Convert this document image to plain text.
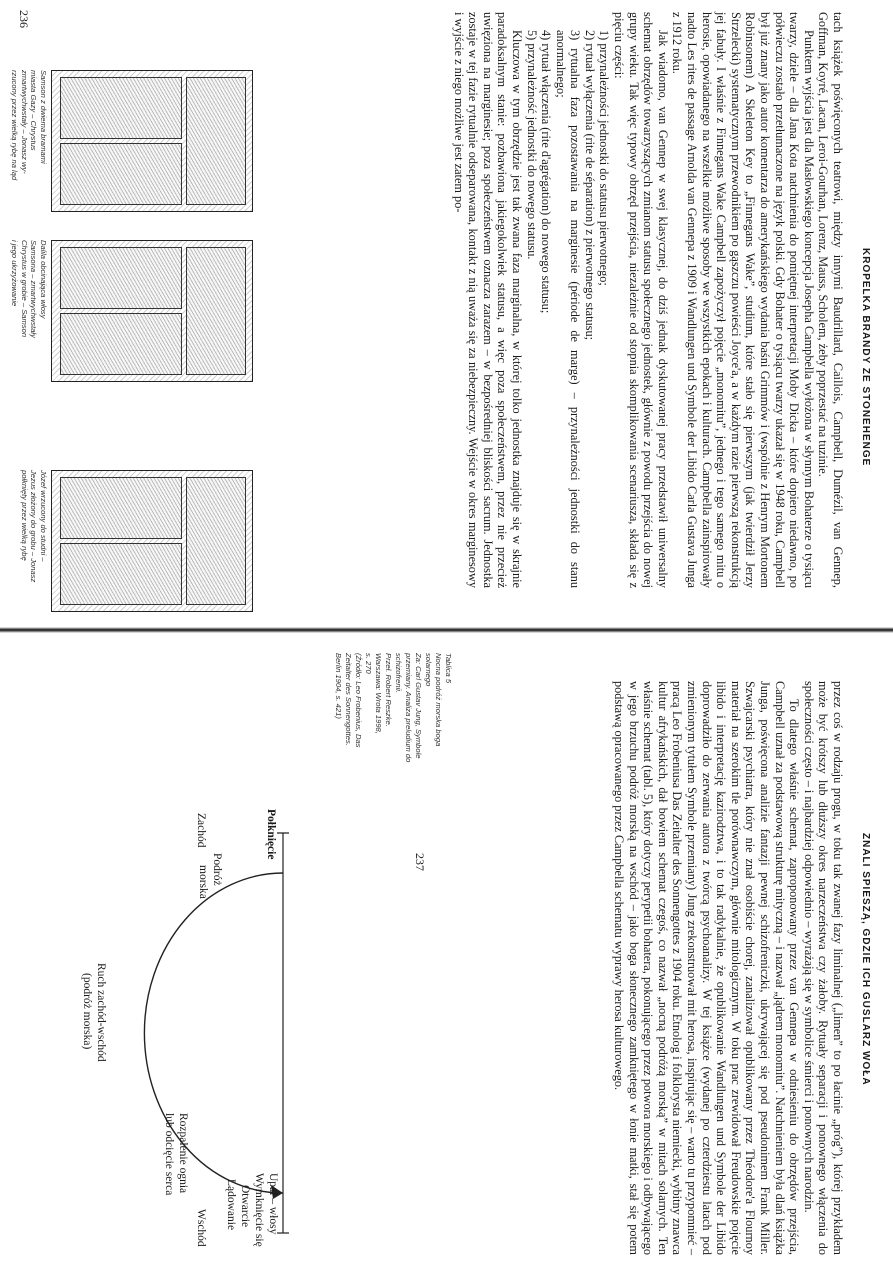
KROPELKA BRANDY ZE STONEHENGE
236	tach książek poświęconych teatrowi, między innymi Baudrillard, Caillois, Campbell, Dumézil, van Gennep, Goffman, Koyré, Lacan, Leroi-Gourhan, Lorenz, Mauss, Scholem, żeby poprzestać na tuzinie.

Punktem wyjścia jest dla Masłowskiego koncepcja Josepha Campbella wyłożona w słynnym Bohaterze o tysiącu twarzy, dziele – dla Jana Kota natchnienia do pomiętnej interpretacji Moby Dicka – które dopiero niedawno, po półwieczu zostało przetłumaczone na język polski. Gdy Bohater o tysiącu twarzy ukazał się w 1948 roku, Campbell był już znany jako autor komentarza do amerykańskiego wydania baśni Grimmów i (wspólnie z Henrym Mortonem Robinsonem) A Skeleton Key to „Finnegans Wake”, studium, które stało się pierwszym (jak twierdził Jerzy Strzelecki) systematycznym przewodnikiem po gąszczu powieści Joyce'a, a w każdym razie pierwszą rekonstrukcją jej fabuły. I właśnie z Finnegans Wake Campbell zapożyczył pojęcie „monomitu”, jednego i tego samego mitu o herosie, opowiadanego na wszelkie możliwe sposoby we wszystkich epokach i kulturach. Campbella zainspirowały nadto Les rites de passage Arnolda van Gennepa z 1909 i Wandlungen und Symbole der Libido Carla Gustava Junga z 1912 roku.

Jak wiadomo, van Gennep w swej klasycznej, do dziś jednak dyskutowanej pracy przedstawił uniwersalny schemat obrzędów towarzyszących zmianom statusu społecznego jednostek, głównie z powodu przejścia do nowej grupy wieku. Tak więc typowy obrzęd przejścia, niezależnie od stopnia skomplikowania scenariusza, składa się z pięciu części:

1) przynależności jednostki do statusu pierwotnego;

2) rytuał wyłączenia (rite de séparation) z pierwotnego statusu;

3) rytualna faza pozostawania na marginesie (période de marge) – przynależności jednostki do stanu anormalnego;

4) rytuał włączenia (rite d'agrégation) do nowego statusu;

5) przynależność jednostki do nowego statusu.

Kluczowa w tym obrzędzie jest tak zwana faza marginalna, w której tolko jednostka znajduje się w skrajnie paradoksalnym stanie: pozbawiona jakiegokolwiek statusu, a więc poza społeczeństwem, przez nie przecież uwięziona na marginesie; poza społeczeństwem oznacza zarazem – w bezpośredniej bliskości sacrum. Jednostka zostaje w tej fazie rytualnie odseparowana, kontakt z nią uważa się za niebezpieczny. Wejście w okres marginesowy i wyjście z niego możliwe jest zatem po-

Samson z dwiema bramami
miasta Gazy – Chrystus
zmartwychwstały – Jonasz wy-
rzucony przez wielką rybę na ląd
Dalila obcinająca włosy
Samsona – zmartwychwstały
Chrystus w grobie – Samson
i jego ukrzyżowanie
Józef wrzucony do studni –
Jezus złożony do grobu – Jonasz
połknięty przez wielką rybę
ZNALI SPIESZĄ, GDZIE ICH GUSLARZ WOŁA
237	przez coś w rodzaju progu, w toku tak zwanej fazy liminalnej („limen” to po łacinie „próg”), której przykładem może być krótszy lub dłuższy okres narzeczeństwa czy żałoby. Rytuały separacji i ponownego włączenia do społeczności często – i najbardziej odpowiednio – wyrażają się w symbolice śmierci i ponownych narodzin.

To dlatego właśnie schemat, zaproponowany przez van Gennepa w odniesieniu do obrzędów przejścia, Campbell uznał za podstawową strukturę mityczną – i nazwał „jądrem monomitu”. Natchnieniem była dlań książka Junga, poświęcona analizie fantazji pewnej schizofreniczki, ukrywającej się pod pseudonimem Frank Miller. Szwajcarski psychiatra, który nie znał osobiście chorej, zanalizował opublikowany przez Théodore'a Flournoy materiał na szerokim tle porównawczym, głównie mitologicznym. W toku prac zrewidował Freudowskie pojęcie libido i interpretację kazirodztwa, i to tak radykalnie, że opublikowanie Wandlungen und Symbole der Libido doprowadziło do zerwania autora z twórcą psychoanalizy. W tej książce (wydanej po czterdziestu latach pod zmienionym tytułem Symbole przemiany) Jung zrekonstruował mit herosa, inspirując się – warto tu przypomnieć – pracą Leo Frobeniusa Das Zeitalter des Sonnengottes z 1904 roku. Etnolog i folklorysta niemiecki, wybitny znawca kultur afrykańskich, dał bowiem schemat czegoś, co nazwał „nocną podróżą morską” w mitach solarnych. Ten właśnie schemat (tabl. 5), który dotyczy perypetii bohatera, pokonującego przez potwora morskiego i odbywającego w jego brzuchu podróż morską na wschód – jako boga słonecznego zamkniętego w łonie matki, stał się potem podstawą opracowanego przez Campbella schematu wyprawy herosa kulturowego.

Tablica 5
Nocna podróż morska boga
solarnego
Za: Carl Gustav Jung, Symbole
przemiany. Analiza preludium do
schizofrenii.
Przeł. Robert Reszke.
Warszawa: Wrota 1998,
s. 270
(Źródło: Leo Frobenius, Das
Zeitalter des Sonnengottes.
Berlin 1904, s. 421)
Zachód
Wschód
Połknięcie
Podróż
morska
Ruch zachód-wschód
(podróż morska)
Rozpalenie ognia
lub odcięcie serca
Upał – włosy
Wymknięcie się
Otwarcie
Lądowanie
